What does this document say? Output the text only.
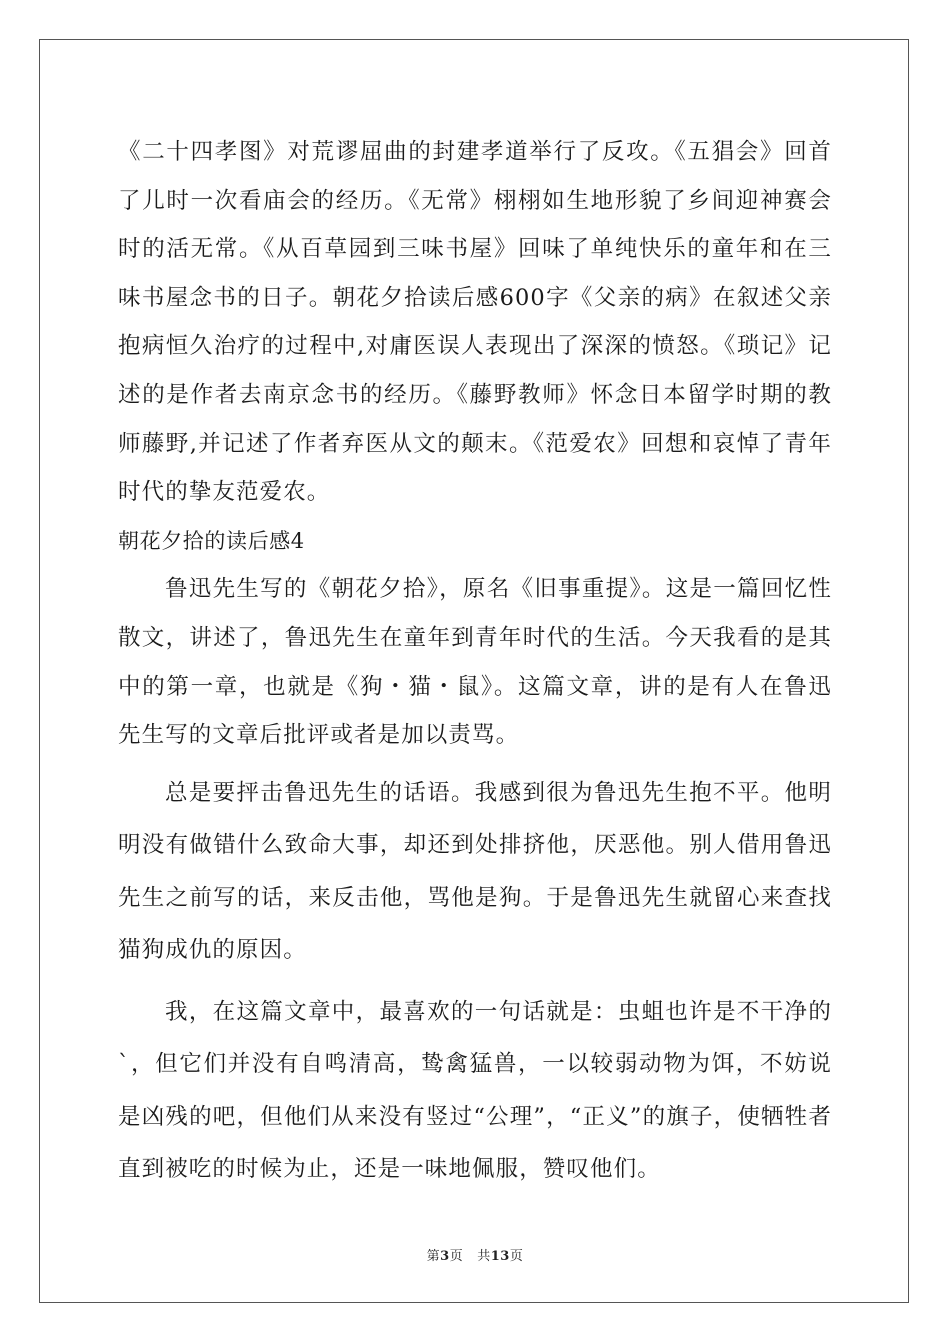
《二十四孝图》对荒谬屈曲的封建孝道举行了反攻。《五猖会》回首了儿时一次看庙会的经历。《无常》栩栩如生地形貌了乡间迎神赛会时的活无常。《从百草园到三味书屋》回味了单纯快乐的童年和在三味书屋念书的日子。朝花夕拾读后感600字《父亲的病》在叙述父亲抱病恒久治疗的过程中,对庸医误人表现出了深深的愤怒。《琐记》记述的是作者去南京念书的经历。《藤野教师》怀念日本留学时期的教师藤野,并记述了作者弃医从文的颠末。《范爱农》回想和哀悼了青年时代的挚友范爱农。

朝花夕拾的读后感4

鲁迅先生写的《朝花夕拾》，原名《旧事重提》。这是一篇回忆性散文，讲述了，鲁迅先生在童年到青年时代的生活。今天我看的是其中的第一章，也就是《狗・猫・鼠》。这篇文章，讲的是有人在鲁迅先生写的文章后批评或者是加以责骂。

总是要抨击鲁迅先生的话语。我感到很为鲁迅先生抱不平。他明明没有做错什么致命大事，却还到处排挤他，厌恶他。别人借用鲁迅先生之前写的话，来反击他，骂他是狗。于是鲁迅先生就留心来查找猫狗成仇的原因。

我，在这篇文章中，最喜欢的一句话就是：虫蛆也许是不干净的`，但它们并没有自鸣清高，鸷禽猛兽，一以较弱动物为饵，不妨说是凶残的吧，但他们从来没有竖过“公理”，“正义”的旗子，使牺牲者直到被吃的时候为止，还是一味地佩服，赞叹他们。

第3页 共13页
